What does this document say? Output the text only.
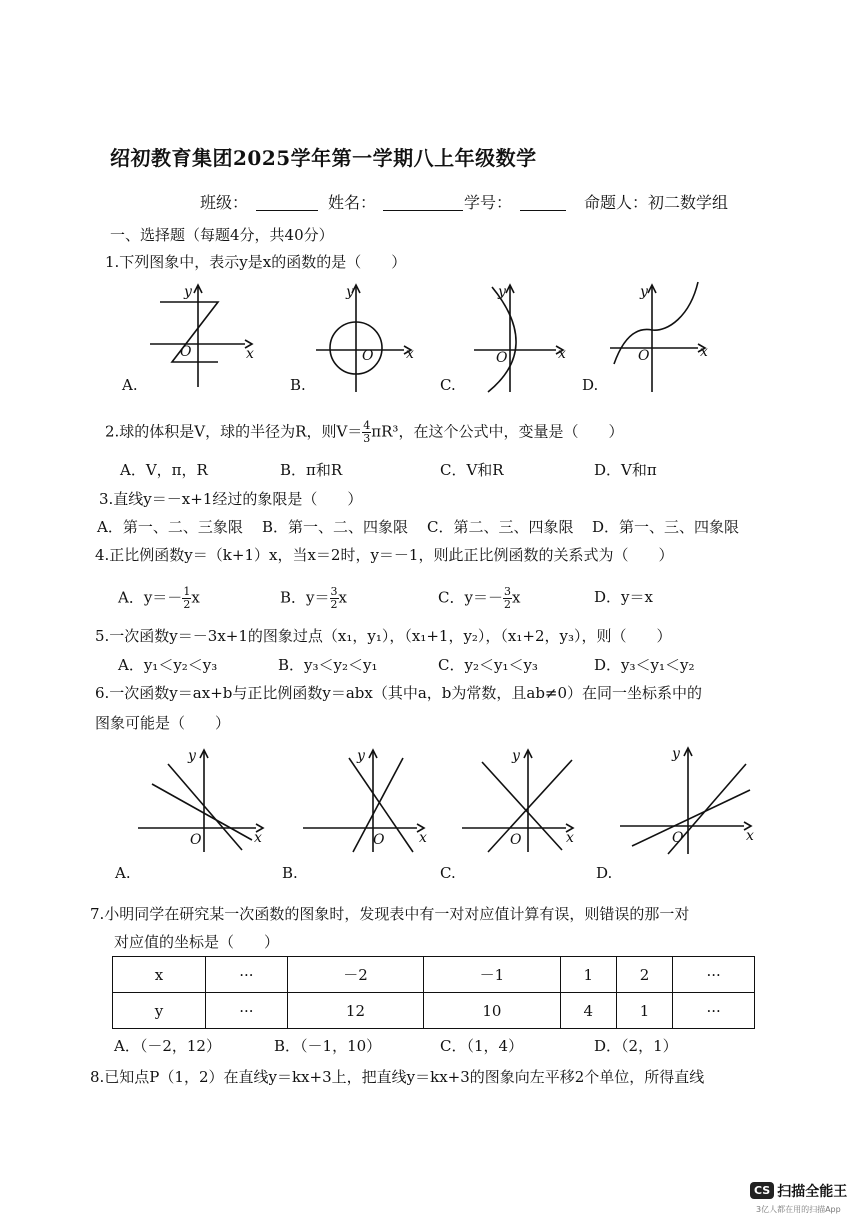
绍初教育集团2025学年第一学期八上年级数学
班级：	姓名：	学号：	命题人：初二数学组
一、选择题（每题4分，共40分）
1.下列图象中，表示y是x的函数的是（　　）
y
x
O
A.
y
x
O
B.
y
x
O
C.
y
x
O
D.
2.球的体积是V，球的半径为R，则$V= \frac{4}{3} \pi R^3$，在这个公式中，变量是（　　）
A．V，π，R	B．π和R	C．V和R	D．V和π
3.直线y＝－x+1经过的象限是（　　）
A．第一、二、三象限 B．第一、二、四象限 C．第二、三、四象限 D．第一、三、四象限
4.正比例函数y＝（k+1）x，当x＝2时，y＝－1，则此正比例函数的关系式为（　　）
A．$y=- \frac{1}{2}$ x	B．$y= \frac{3}{2}$ x	C．$y=- \frac{3}{2}$ x	D．y＝x
5.一次函数y＝－3x+1的图象过点（x₁，y₁），（x₁+1，y₂），（x₁+2，y₃），则（　　）
A．y₁＜y₂＜y₃	B．y₃＜y₂＜y₁	C．y₂＜y₁＜y₃	D．y₃＜y₁＜y₂
6.一次函数y＝ax+b与正比例函数y＝abx（其中a，b为常数，且ab≠0）在同一坐标系中的
图象可能是（　　）
y
x
O
A.
y
x
O
B.
y
x
O
C.
y
x
O
D.
7.小明同学在研究某一次函数的图象时，发现表中有一对对应值计算有误，则错误的那一对
对应值的坐标是（　　）
x	···	－2	－1	1	2	···
y	···	12	10	4	1	···
A．（－2，12）	B．（－1，10）	C．（1，4）	D．（2，1）
8.已知点P（1，2）在直线y＝kx+3上，把直线y＝kx+3的图象向左平移2个单位，所得直线
CS 扫描全能王
3亿人都在用的扫描App
